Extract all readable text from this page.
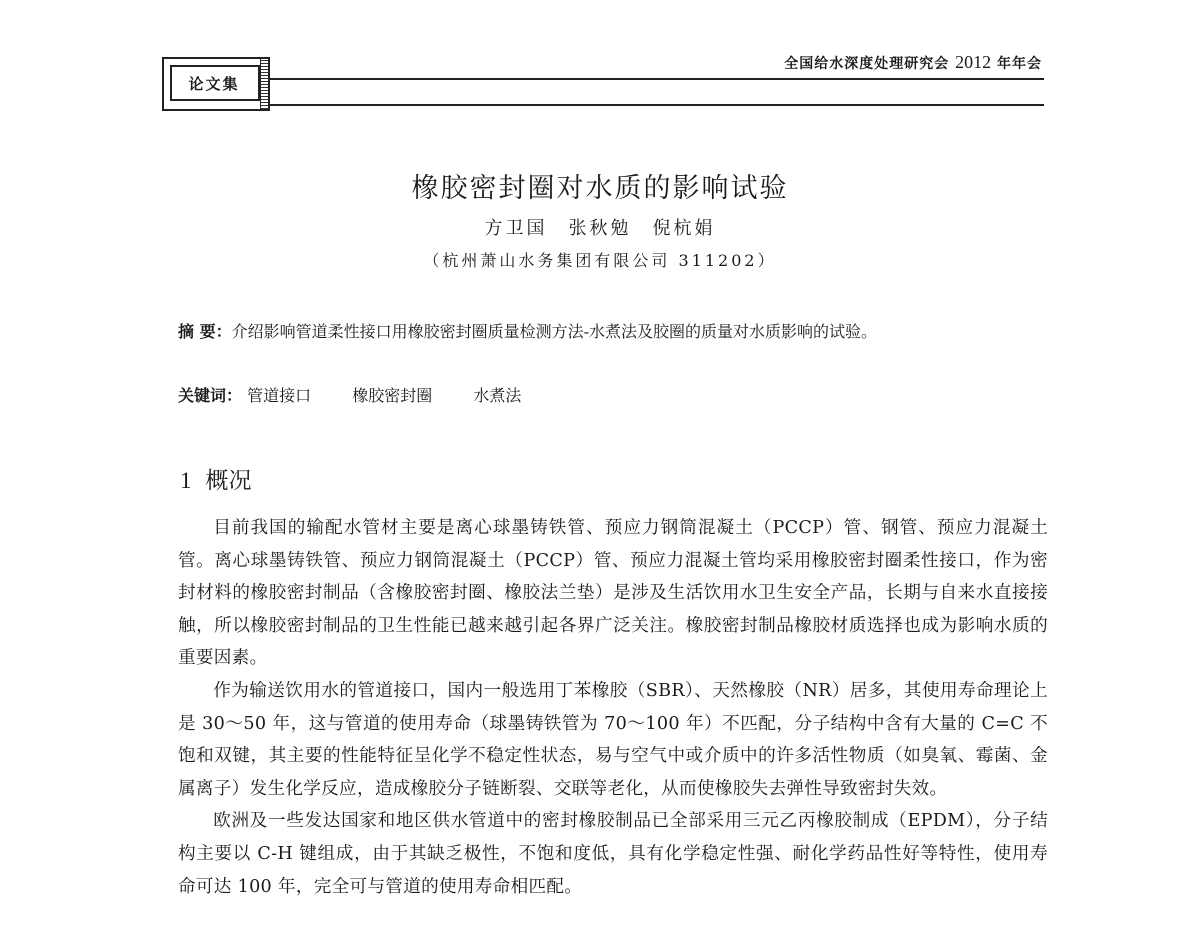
论文集
全国给水深度处理研究会 2012 年年会
橡胶密封圈对水质的影响试验
方卫国　张秋勉　倪杭娟
（杭州萧山水务集团有限公司 311202）
摘 要：介绍影响管道柔性接口用橡胶密封圈质量检测方法-水煮法及胶圈的质量对水质影响的试验。
关键词： 管道接口	橡胶密封圈	水煮法
1 概况

目前我国的输配水管材主要是离心球墨铸铁管、预应力钢筒混凝土（PCCP）管、钢管、预应力混凝土管。离心球墨铸铁管、预应力钢筒混凝土（PCCP）管、预应力混凝土管均采用橡胶密封圈柔性接口，作为密封材料的橡胶密封制品（含橡胶密封圈、橡胶法兰垫）是涉及生活饮用水卫生安全产品，长期与自来水直接接触，所以橡胶密封制品的卫生性能已越来越引起各界广泛关注。橡胶密封制品橡胶材质选择也成为影响水质的重要因素。

作为输送饮用水的管道接口，国内一般选用丁苯橡胶（SBR）、天然橡胶（NR）居多，其使用寿命理论上是 30～50 年，这与管道的使用寿命（球墨铸铁管为 70～100 年）不匹配，分子结构中含有大量的 C=C 不饱和双键，其主要的性能特征呈化学不稳定性状态，易与空气中或介质中的许多活性物质（如臭氧、霉菌、金属离子）发生化学反应，造成橡胶分子链断裂、交联等老化，从而使橡胶失去弹性导致密封失效。

欧洲及一些发达国家和地区供水管道中的密封橡胶制品已全部采用三元乙丙橡胶制成（EPDM），分子结构主要以 C-H 键组成，由于其缺乏极性，不饱和度低，具有化学稳定性强、耐化学药品性好等特性，使用寿命可达 100 年，完全可与管道的使用寿命相匹配。
